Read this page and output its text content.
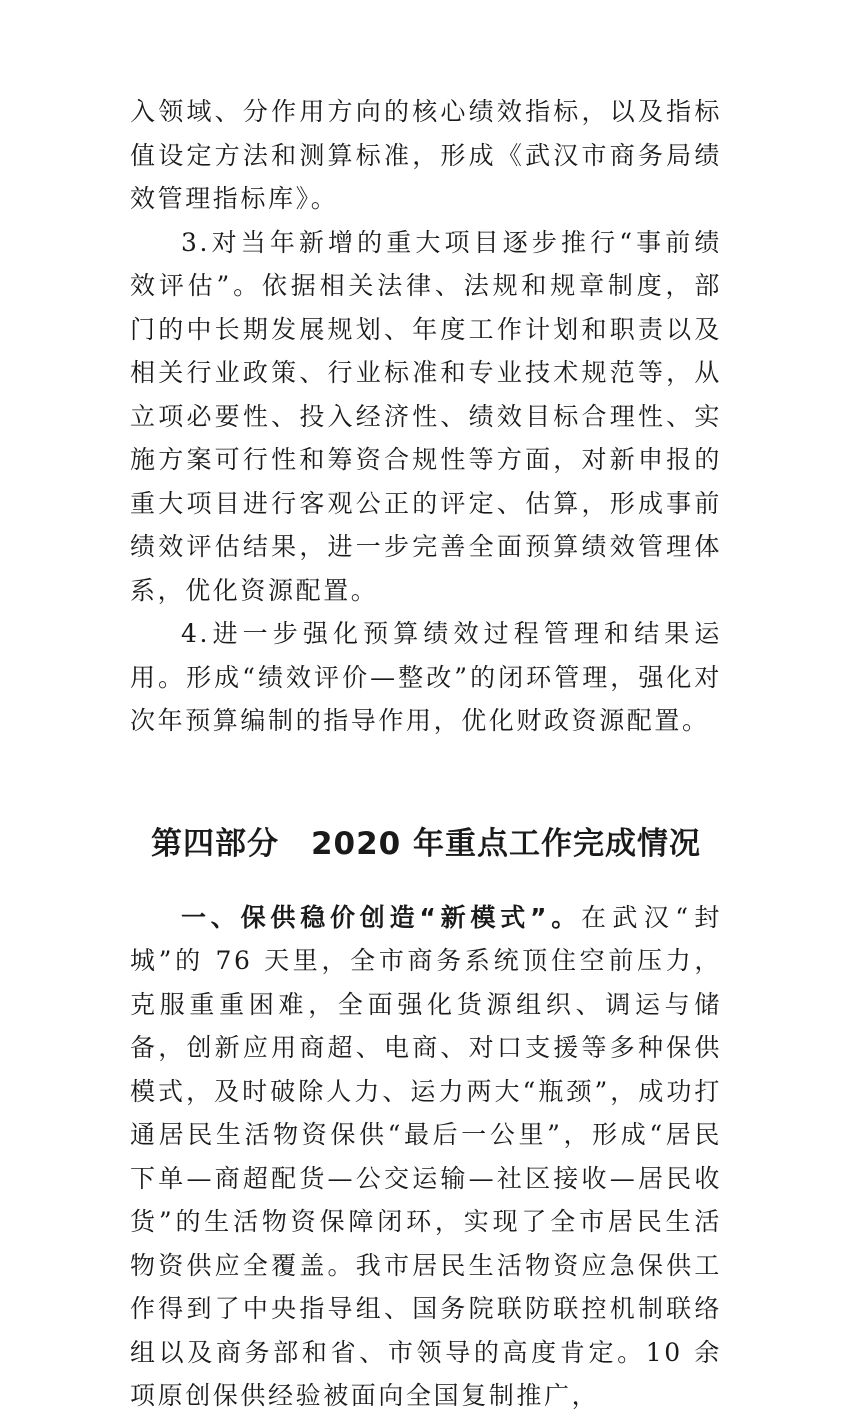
入领域、分作用方向的核心绩效指标，以及指标值设定方法和测算标准，形成《武汉市商务局绩效管理指标库》。

3.对当年新增的重大项目逐步推行“事前绩效评估”。依据相关法律、法规和规章制度，部门的中长期发展规划、年度工作计划和职责以及相关行业政策、行业标准和专业技术规范等，从立项必要性、投入经济性、绩效目标合理性、实施方案可行性和筹资合规性等方面，对新申报的重大项目进行客观公正的评定、估算，形成事前绩效评估结果，进一步完善全面预算绩效管理体系，优化资源配置。

4.进一步强化预算绩效过程管理和结果运用。形成“绩效评价—整改”的闭环管理，强化对次年预算编制的指导作用，优化财政资源配置。

第四部分　2020 年重点工作完成情况

一、保供稳价创造“新模式”。在武汉“封城”的 76 天里，全市商务系统顶住空前压力，克服重重困难，全面强化货源组织、调运与储备，创新应用商超、电商、对口支援等多种保供模式，及时破除人力、运力两大“瓶颈”，成功打通居民生活物资保供“最后一公里”，形成“居民下单—商超配货—公交运输—社区接收—居民收货”的生活物资保障闭环，实现了全市居民生活物资供应全覆盖。我市居民生活物资应急保供工作得到了中央指导组、国务院联防联控机制联络组以及商务部和省、市领导的高度肯定。10 余项原创保供经验被面向全国复制推广，
